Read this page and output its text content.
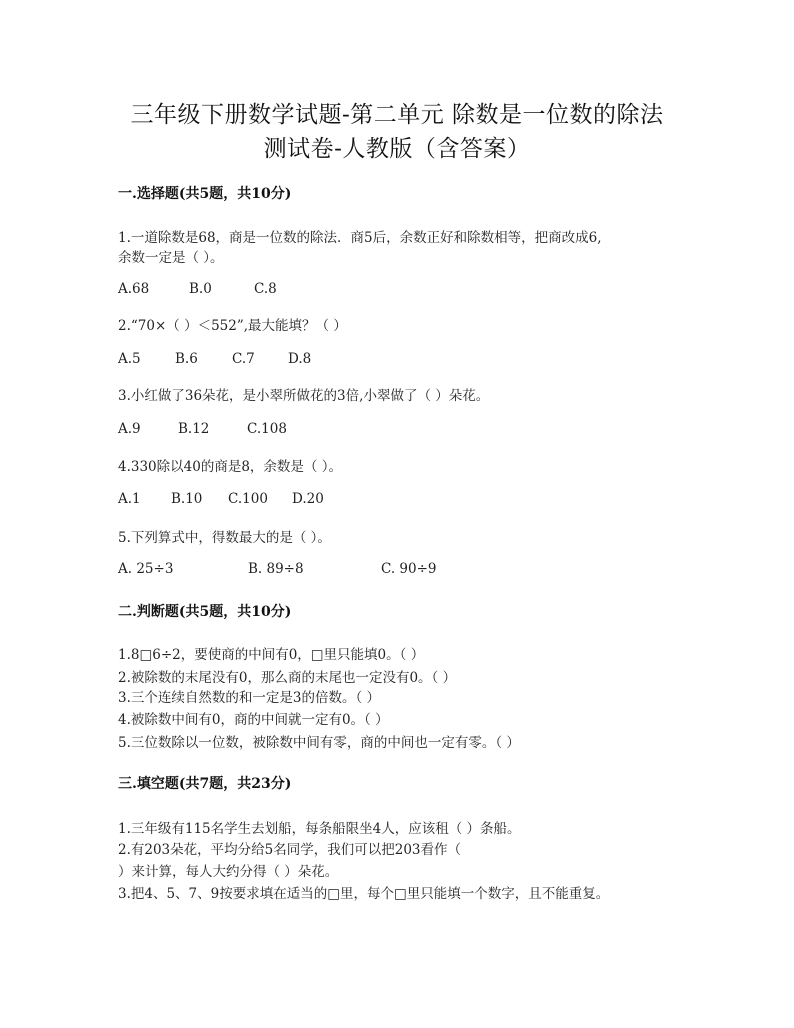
三年级下册数学试题-第二单元 除数是一位数的除法
测试卷-人教版（含答案）
一.选择题(共5题，共10分)
1.一道除数是68，商是一位数的除法．商5后，余数正好和除数相等，把商改成6,
余数一定是（ ）。
A.68	B.0	C.8
2.“70×（ ）＜552”,最大能填？（ ）
A.5	B.6	C.7 D.8
3.小红做了36朵花，是小翠所做花的3倍,小翠做了（ ）朵花。
A.9	B.12	C.108
4.330除以40的商是8，余数是（ ）。
A.1 B.10 C.100 D.20
5.下列算式中，得数最大的是（ ）。
A. 25÷3	B. 89÷8	C. 90÷9
二.判断题(共5题，共10分)
1.8□6÷2，要使商的中间有0，□里只能填0。（ ）
2.被除数的末尾没有0，那么商的末尾也一定没有0。（ ）
3.三个连续自然数的和一定是3的倍数。（ ）
4.被除数中间有0，商的中间就一定有0。（ ）
5.三位数除以一位数，被除数中间有零，商的中间也一定有零。（ ）
三.填空题(共7题，共23分)
1.三年级有115名学生去划船，每条船限坐4人，应该租（ ）条船。
2.有203朵花，平均分给5名同学，我们可以把203看作（
）来计算，每人大约分得（ ）朵花。
3.把4、5、7、9按要求填在适当的□里，每个□里只能填一个数字，且不能重复。
